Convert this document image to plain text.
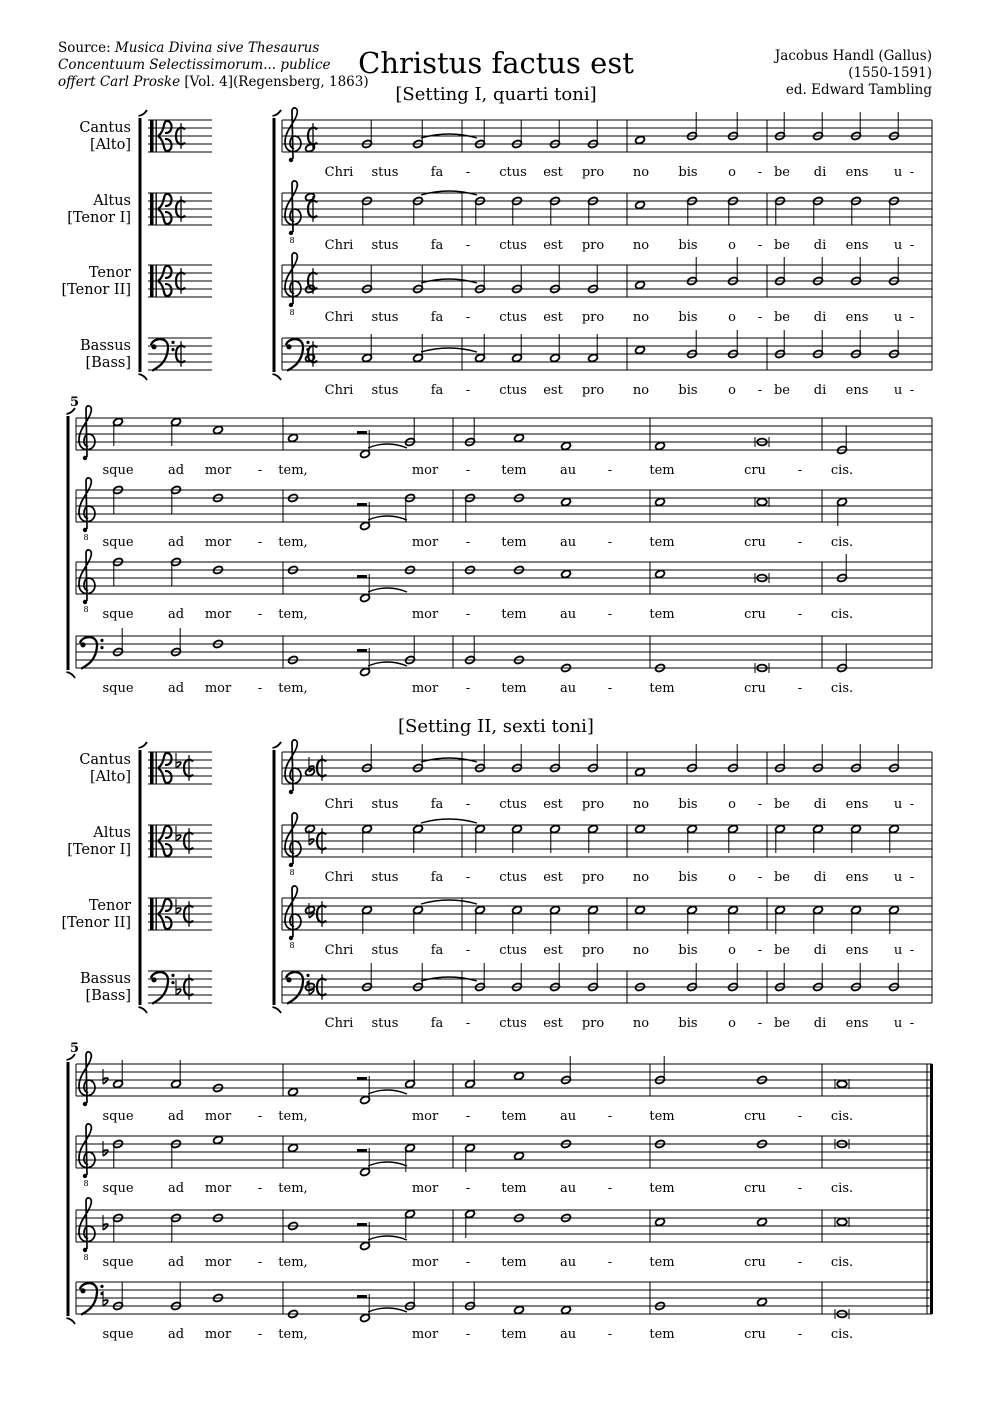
Source: Musica Divina sive Thesaurus
Concentuum Selectissimorum... publice
offert Carl Proske [Vol. 4](Regensberg, 1863)
Christus factus est	Jacobus Handl (Gallus)
(1550-1591)
ed. Edward Tambling
[Setting I, quarti toni]
[Setting II, sexti toni]
Cantus
[Alto]
Altus
[Tenor I]
Tenor
[Tenor II]
Bassus
[Bass]
Chri stus fa - ctus est pro no bis o - be di ens u -
8 Chri stus fa - ctus est pro no bis o - be di ens u -
8 Chri stus fa - ctus est pro no bis o - be di ens u -
Chri stus fa - ctus est pro no bis o - be di ens u -
sque	ad mor - tem,	mor - tem	au -	tem	cru - cis.
8 sque	ad mor - tem,	mor - tem	au -	tem	cru - cis.
8 sque	ad mor - tem,	mor - tem	au -	tem	cru - cis.
sque	ad mor - tem,	mor - tem	au -	tem	cru - cis.
5
Cantus
[Alto]
Altus
[Tenor I]
Tenor
[Tenor II]
Bassus
[Bass]
Chri stus fa - ctus est pro no bis o - be di ens u -
8 Chri stus fa - ctus est pro no bis o - be di ens u -
8 Chri stus fa - ctus est pro no bis o - be di ens u -
Chri stus fa - ctus est pro no bis o - be di ens u -
sque	ad mor - tem,	mor - tem	au -	tem	cru - cis.
8 sque	ad mor - tem,	mor - tem	au -	tem	cru - cis.
8 sque	ad mor - tem,	mor - tem	au -	tem	cru - cis.
sque	ad mor - tem,	mor - tem	au -	tem	cru - cis.
5
